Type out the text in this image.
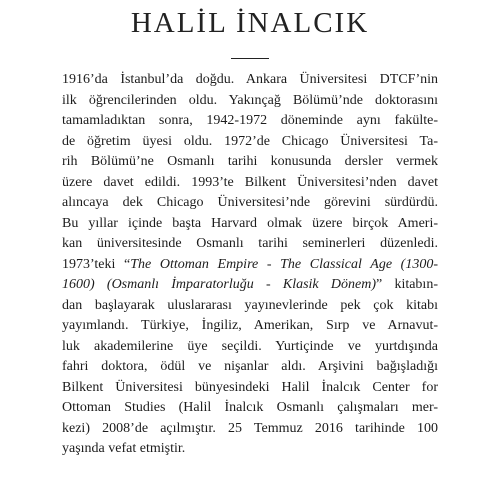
HALİL İNALCIK
1916’da İstanbul’da doğdu. Ankara Üniversitesi DTCF’nin
ilk öğrencilerinden oldu. Yakınçağ Bölümü’nde doktorasını
tamamladıktan sonra, 1942-1972 döneminde aynı fakülte-
de öğretim üyesi oldu. 1972’de Chicago Üniversitesi Ta-
rih Bölümü’ne Osmanlı tarihi konusunda dersler vermek
üzere davet edildi. 1993’te Bilkent Üniversitesi’nden davet
alıncaya dek Chicago Üniversitesi’nde görevini sürdürdü.
Bu yıllar içinde başta Harvard olmak üzere birçok Ameri-
kan üniversitesinde Osmanlı tarihi seminerleri düzenledi.
1973’teki “The Ottoman Empire - The Classical Age (1300-
1600) (Osmanlı İmparatorluğu - Klasik Dönem)” kitabın-
dan başlayarak uluslararası yayınevlerinde pek çok kitabı
yayımlandı. Türkiye, İngiliz, Amerikan, Sırp ve Arnavut-
luk akademilerine üye seçildi. Yurtiçinde ve yurtdışında
fahri doktora, ödül ve nişanlar aldı. Arşivini bağışladığı
Bilkent Üniversitesi bünyesindeki Halil İnalcık Center for
Ottoman Studies (Halil İnalcık Osmanlı çalışmaları mer-
kezi) 2008’de açılmıştır. 25 Temmuz 2016 tarihinde 100
yaşında vefat etmiştir.
